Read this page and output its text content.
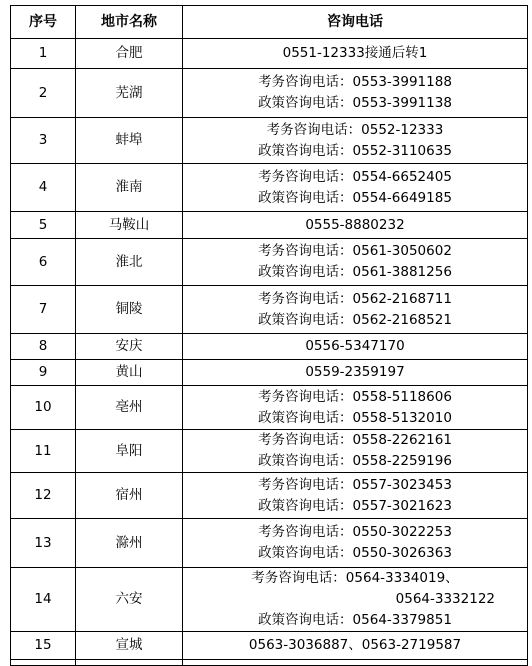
序号	地市名称	咨询电话
1	合肥	0551-12333接通后转1

2	芜湖	考务咨询电话：0553-3991188
政策咨询电话：0553-3991138

3	蚌埠	考务咨询电话：0552-12333
政策咨询电话：0552-3110635

4	淮南	考务咨询电话：0554-6652405
政策咨询电话：0554-6649185

5	马鞍山	0555-8880232

6	淮北	考务咨询电话：0561-3050602
政策咨询电话：0561-3881256

7	铜陵	考务咨询电话：0562-2168711
政策咨询电话：0562-2168521

8	安庆	0556-5347170

9	黄山	0559-2359197

10	亳州	考务咨询电话：0558-5118606
政策咨询电话：0558-5132010

11	阜阳	考务咨询电话：0558-2262161
政策咨询电话：0558-2259196

12	宿州	考务咨询电话：0557-3023453
政策咨询电话：0557-3021623

13	滁州	考务咨询电话：0550-3022253
政策咨询电话：0550-3026363

14	六安	考务咨询电话：0564-3334019、
0564-3332122
政策咨询电话：0564-3379851

15	宣城	0563-3036887、0563-2719587
